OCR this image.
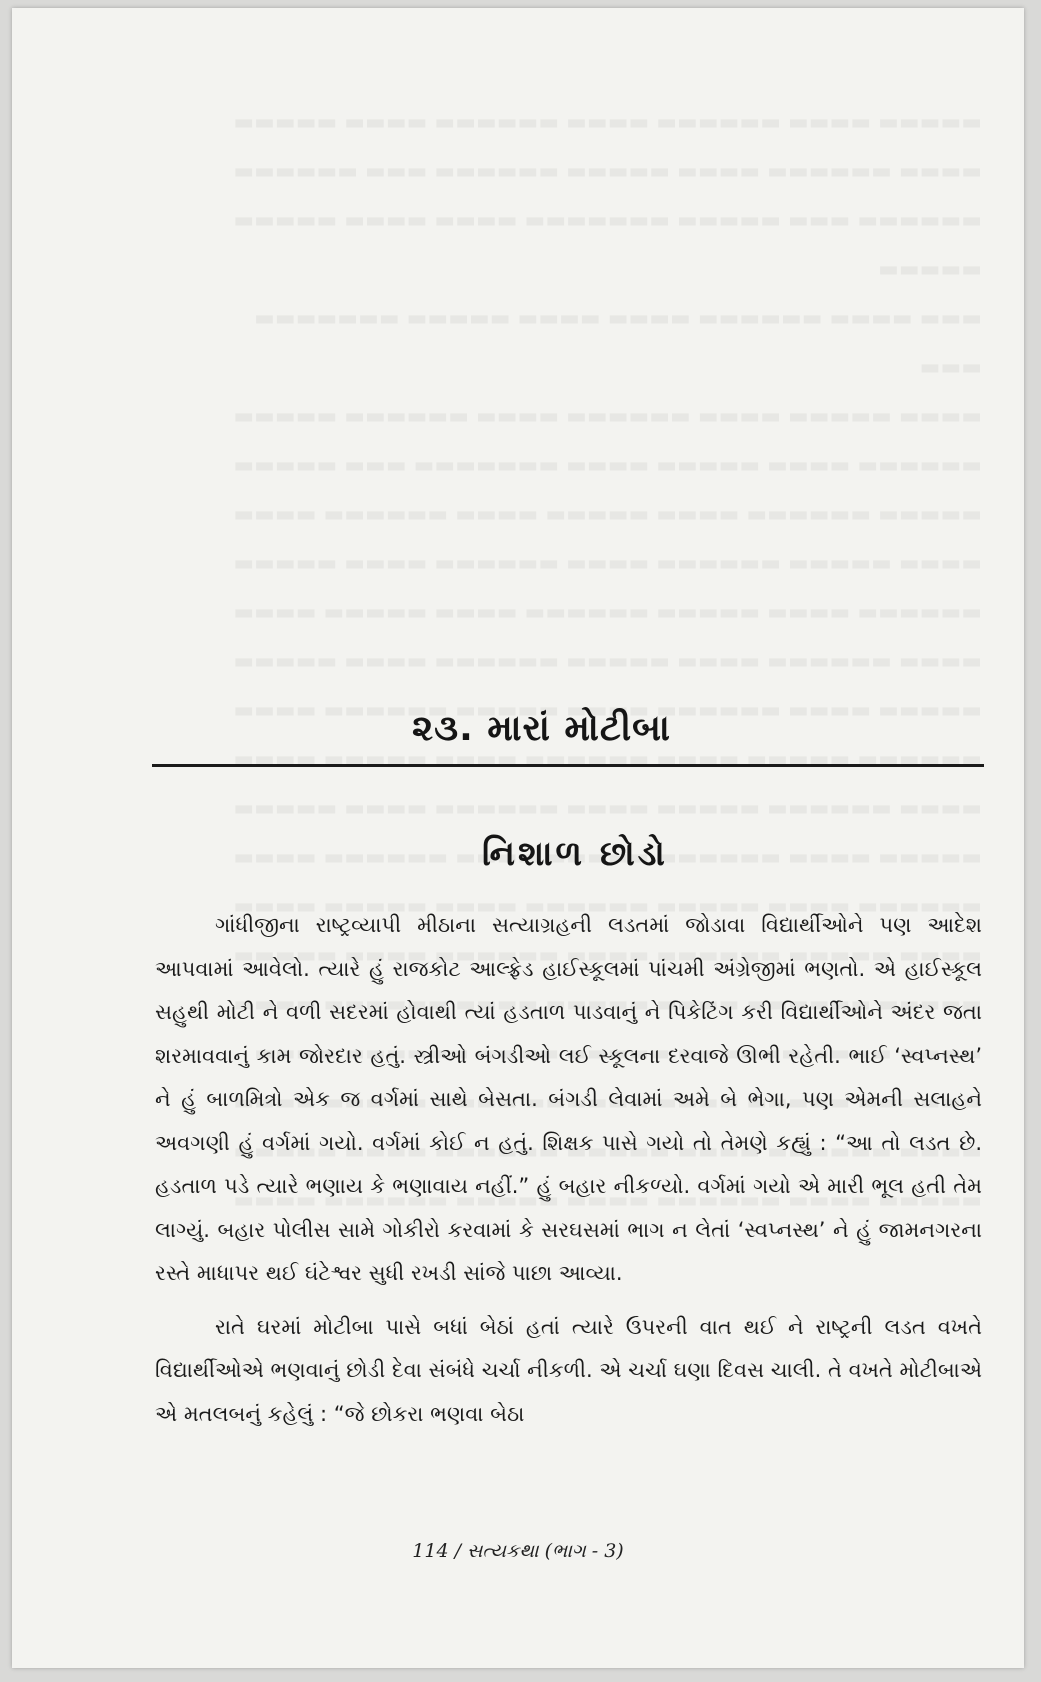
૨૩. મારાં મોટીબા
નિશાળ છોડો

ગાંધીજીના રાષ્ટ્રવ્યાપી મીઠાના સત્યાગ્રહની લડતમાં જોડાવા વિદ્યાર્થીઓને પણ આદેશ આપવામાં આવેલો. ત્યારે હું રાજકોટ આલ્ફ્રેડ હાઈસ્કૂલમાં પાંચમી અંગ્રેજીમાં ભણતો. એ હાઈસ્કૂલ સહુથી મોટી ને વળી સદરમાં હોવાથી ત્યાં હડતાળ પાડવાનું ને પિકેટિંગ કરી વિદ્યાર્થીઓને અંદર જતા શરમાવવાનું કામ જોરદાર હતું. સ્ત્રીઓ બંગડીઓ લઈ સ્કૂલના દરવાજે ઊભી રહેતી. ભાઈ ‘સ્વપ્નસ્થ’ ને હું બાળમિત્રો એક જ વર્ગમાં સાથે બેસતા. બંગડી લેવામાં અમે બે ભેગા, પણ એમની સલાહને અવગણી હું વર્ગમાં ગયો. વર્ગમાં કોઈ ન હતું. શિક્ષક પાસે ગયો તો તેમણે કહ્યું : “આ તો લડત છે. હડતાળ પડે ત્યારે ભણાય કે ભણાવાય નહીં.” હું બહાર નીકળ્યો. વર્ગમાં ગયો એ મારી ભૂલ હતી તેમ લાગ્યું. બહાર પોલીસ સામે ગોકીરો કરવામાં કે સરઘસમાં ભાગ ન લેતાં ‘સ્વપ્નસ્થ’ ને હું જામનગરના રસ્તે માધાપર થઈ ઘંટેશ્વર સુધી રખડી સાંજે પાછા આવ્યા.

રાતે ઘરમાં મોટીબા પાસે બધાં બેઠાં હતાં ત્યારે ઉપરની વાત થઈ ને રાષ્ટ્રની લડત વખતે વિદ્યાર્થીઓએ ભણવાનું છોડી દેવા સંબંધે ચર્ચા નીકળી. એ ચર્ચા ઘણા દિવસ ચાલી. તે વખતે મોટીબાએ એ મતલબનું કહેલું : “જે છોકરા ભણવા બેઠા

114 / સત્યકથા (ભાગ - 3)
